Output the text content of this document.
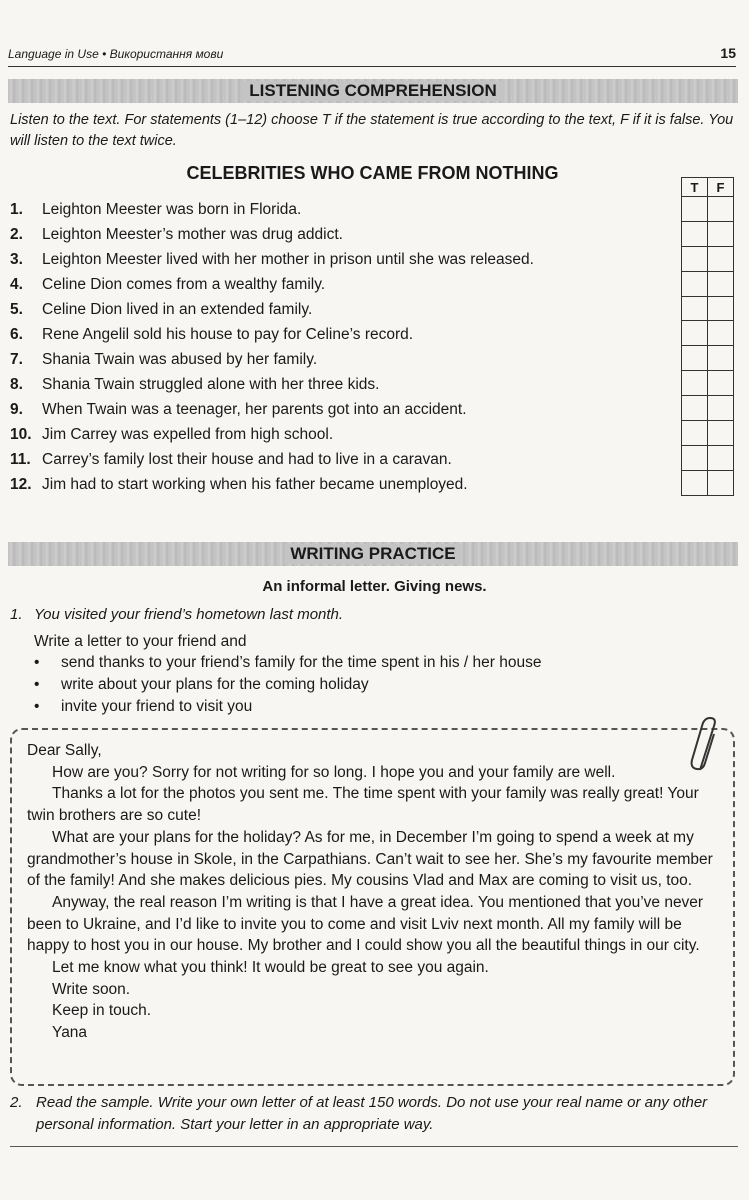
Language in Use • Використання мови	15
LISTENING COMPREHENSION
Listen to the text. For statements (1–12) choose T if the statement is true according to the text, F if it is false. You will listen to the text twice.
CELEBRITIES WHO CAME FROM NOTHING
1.	Leighton Meester was born in Florida.
2.	Leighton Meester’s mother was drug addict.
3.	Leighton Meester lived with her mother in prison until she was released.
4.	Celine Dion comes from a wealthy family.
5.	Celine Dion lived in an extended family.
6.	Rene Angelil sold his house to pay for Celine’s record.
7.	Shania Twain was abused by her family.
8.	Shania Twain struggled alone with her three kids.
9.	When Twain was a teenager, her parents got into an accident.
10. Jim Carrey was expelled from high school.
11. Carrey’s family lost their house and had to live in a caravan.
12. Jim had to start working when his father became unemployed.
T	F

WRITING PRACTICE
An informal letter. Giving news.
1. You visited your friend’s hometown last month.
Write a letter to your friend and
• send thanks to your friend’s family for the time spent in his / her house
• write about your plans for the coming holiday
• invite your friend to visit you

Dear Sally,

How are you? Sorry for not writing for so long. I hope you and your family are well.

Thanks a lot for the photos you sent me. The time spent with your family was really great! Your twin brothers are so cute!

What are your plans for the holiday? As for me, in December I’m going to spend a week at my grandmother’s house in Skole, in the Carpathians. Can’t wait to see her. She’s my favourite member of the family! And she makes delicious pies. My cousins Vlad and Max are coming to visit us, too.

Anyway, the real reason I’m writing is that I have a great idea. You mentioned that you’ve never been to Ukraine, and I’d like to invite you to come and visit Lviv next month. All my family will be happy to host you in our house. My brother and I could show you all the beautiful things in our city.

Let me know what you think! It would be great to see you again.

Write soon.

Keep in touch.

Yana

2. Read the sample. Write your own letter of at least 150 words. Do not use your real name or any other personal information. Start your letter in an appropriate way.
